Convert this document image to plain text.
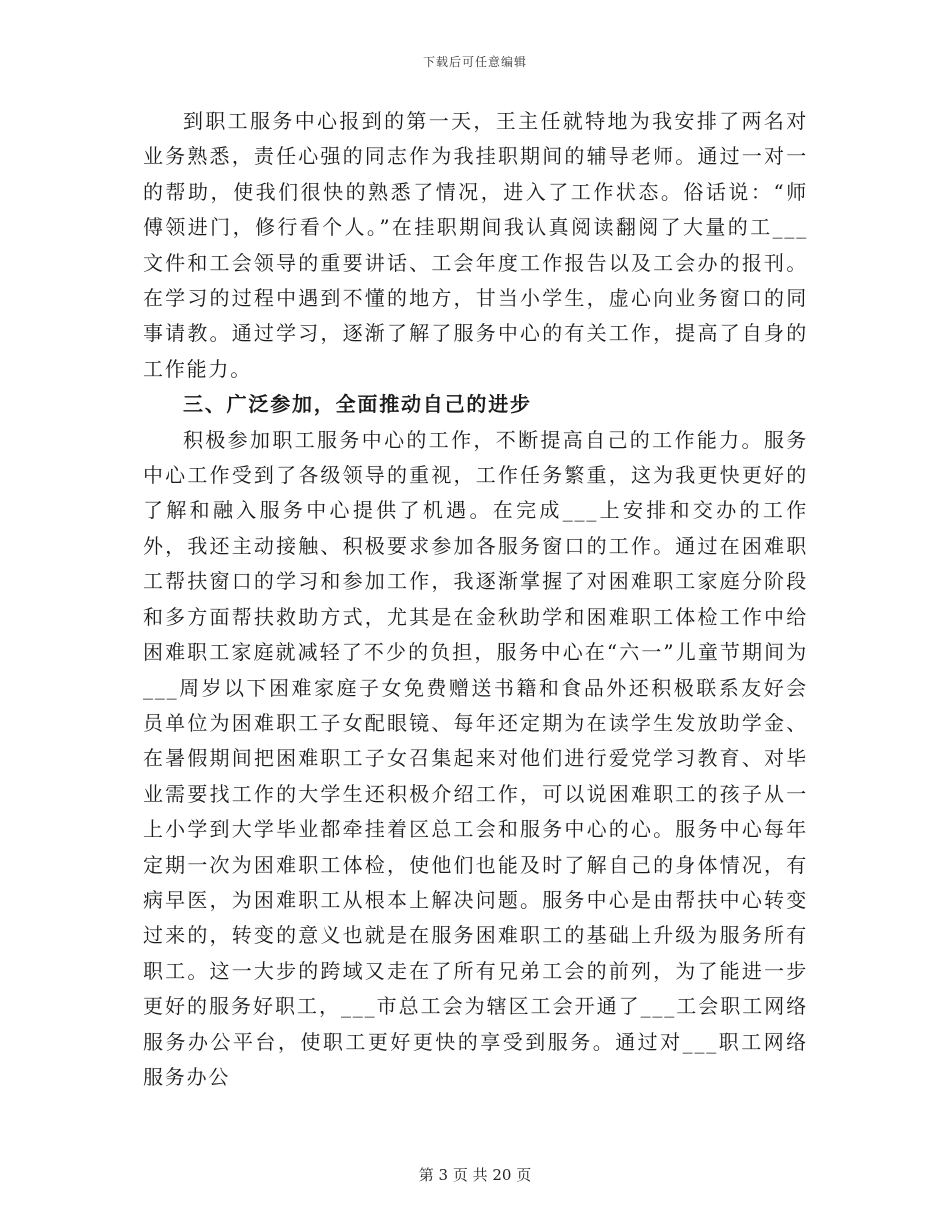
下载后可任意编辑

到职工服务中心报到的第一天，王主任就特地为我安排了两名对业务熟悉，责任心强的同志作为我挂职期间的辅导老师。通过一对一的帮助，使我们很快的熟悉了情况，进入了工作状态。俗话说：“师傅领进门，修行看个人。”在挂职期间我认真阅读翻阅了大量的工___文件和工会领导的重要讲话、工会年度工作报告以及工会办的报刊。在学习的过程中遇到不懂的地方，甘当小学生，虚心向业务窗口的同事请教。通过学习，逐渐了解了服务中心的有关工作，提高了自身的工作能力。

三、广泛参加，全面推动自己的进步

积极参加职工服务中心的工作，不断提高自己的工作能力。服务中心工作受到了各级领导的重视，工作任务繁重，这为我更快更好的了解和融入服务中心提供了机遇。在完成___上安排和交办的工作外，我还主动接触、积极要求参加各服务窗口的工作。通过在困难职工帮扶窗口的学习和参加工作，我逐渐掌握了对困难职工家庭分阶段和多方面帮扶救助方式，尤其是在金秋助学和困难职工体检工作中给困难职工家庭就减轻了不少的负担，服务中心在“六一”儿童节期间为___周岁以下困难家庭子女免费赠送书籍和食品外还积极联系友好会员单位为困难职工子女配眼镜、每年还定期为在读学生发放助学金、在暑假期间把困难职工子女召集起来对他们进行爱党学习教育、对毕业需要找工作的大学生还积极介绍工作，可以说困难职工的孩子从一上小学到大学毕业都牵挂着区总工会和服务中心的心。服务中心每年定期一次为困难职工体检，使他们也能及时了解自己的身体情况，有病早医，为困难职工从根本上解决问题。服务中心是由帮扶中心转变过来的，转变的意义也就是在服务困难职工的基础上升级为服务所有职工。这一大步的跨域又走在了所有兄弟工会的前列，为了能进一步更好的服务好职工，___市总工会为辖区工会开通了___工会职工网络服务办公平台，使职工更好更快的享受到服务。通过对___职工网络服务办公

第 3 页 共 20 页
